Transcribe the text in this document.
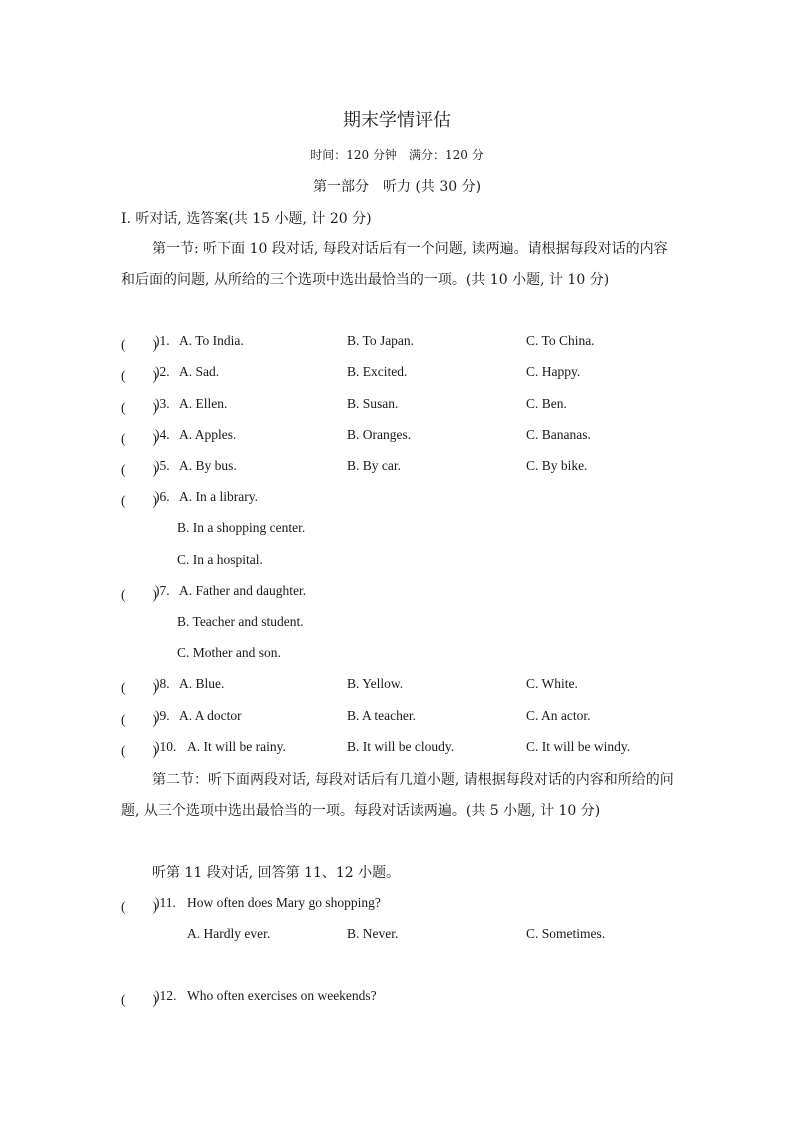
期末学情评估
时间：120 分钟　满分：120 分
第一部分　听力 (共 30 分)
Ⅰ. 听对话, 选答案(共 15 小题, 计 20 分)
第一节: 听下面 10 段对话, 每段对话后有一个问题, 读两遍。请根据每段对话的内容和后面的问题, 从所给的三个选项中选出最恰当的一项。(共 10 小题, 计 10 分)
(　　)
)1. A. To India.	B. To Japan.	C. To China.
(　　)
)2. A. Sad.	B. Excited.	C. Happy.
(　　)
)3. A. Ellen.	B. Susan.	C. Ben.
(　　)
)4. A. Apples.	B. Oranges.	C. Bananas.
(　　)
)5. A. By bus.	B. By car.	C. By bike.
(　　)
)6. A. In a library.
B. In a shopping center.
C. In a hospital.
(　　)
)7. A. Father and daughter.
B. Teacher and student.
C. Mother and son.
(　　)
)8. A. Blue.	B. Yellow.	C. White.
(　　)
)9. A. A doctor	B. A teacher.	C. An actor.
(　　)
)10. A. It will be rainy.	B. It will be cloudy.	C. It will be windy.
第二节：听下面两段对话, 每段对话后有几道小题, 请根据每段对话的内容和所给的问题, 从三个选项中选出最恰当的一项。每段对话读两遍。(共 5 小题, 计 10 分)
听第 11 段对话, 回答第 11、12 小题。
(　　)
)11. How often does Mary go shopping?
A. Hardly ever.	B. Never.	C. Sometimes.
(　　)
)12. Who often exercises on weekends?
